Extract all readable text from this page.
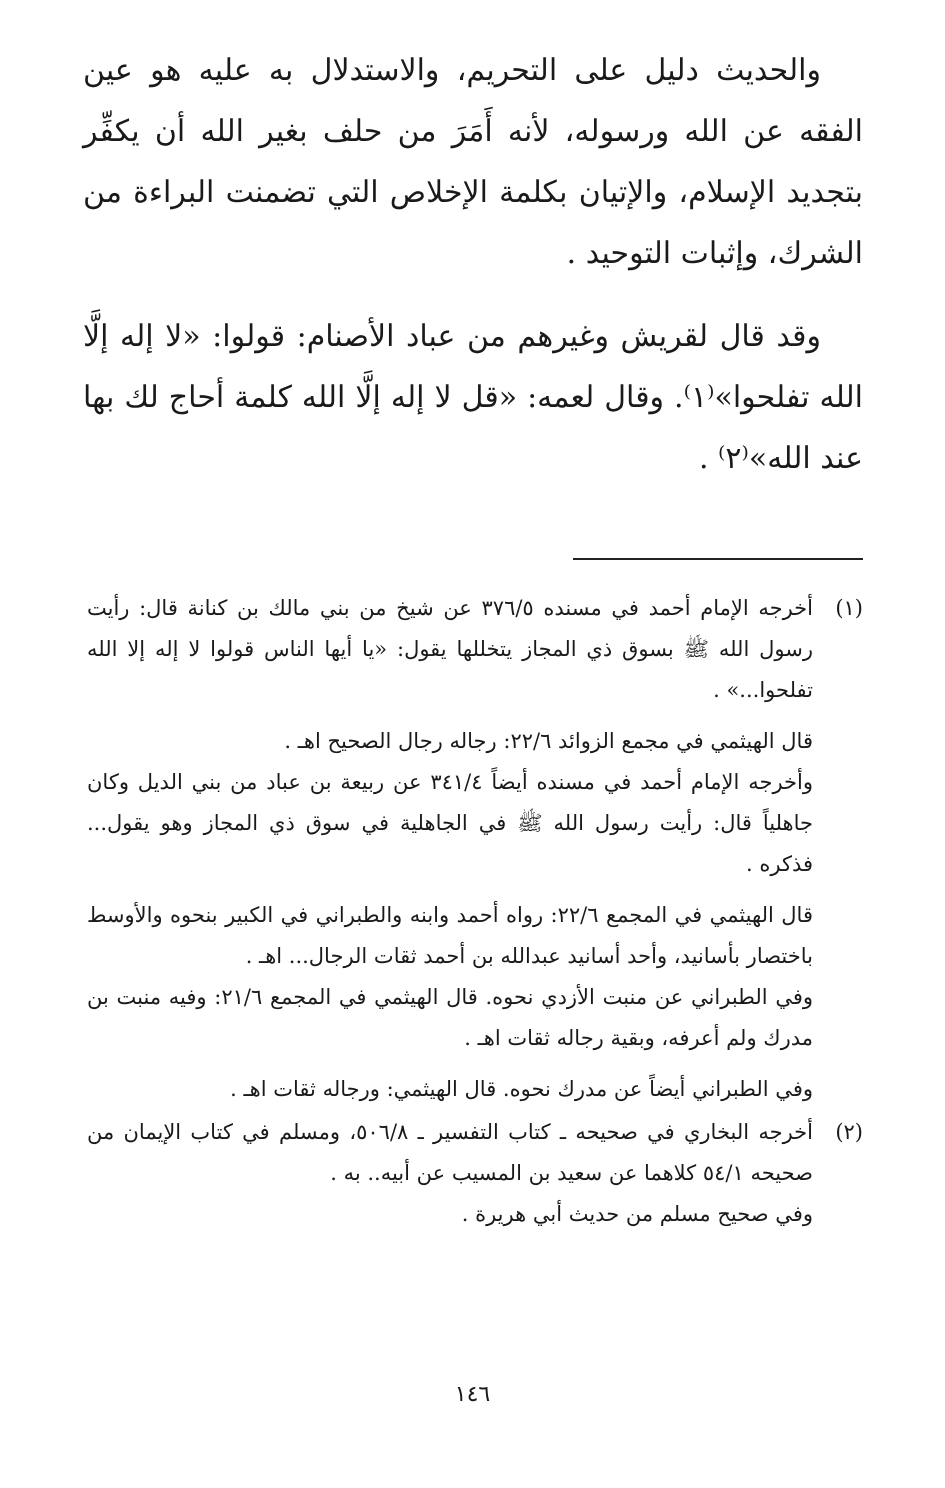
والحديث دليل على التحريم، والاستدلال به عليه هو عين الفقه عن الله ورسوله، لأنه أَمَرَ من حلف بغير الله أن يكفِّر بتجديد الإسلام، والإتيان بكلمة الإخلاص التي تضمنت البراءة من الشرك، وإثبات التوحيد .

وقد قال لقريش وغيرهم من عباد الأصنام: قولوا: «لا إله إلَّا الله تفلحوا»⁽١⁾. وقال لعمه: «قل لا إله إلَّا الله كلمة أحاج لك بها عند الله»⁽٢⁾ .

(١)

أخرجه الإمام أحمد في مسنده ٣٧٦/٥ عن شيخ من بني مالك بن كنانة قال: رأيت رسول الله ﷺ بسوق ذي المجاز يتخللها يقول: «يا أيها الناس قولوا لا إله إلا الله تفلحوا...» .

قال الهيثمي في مجمع الزوائد ٢٢/٦: رجاله رجال الصحيح اهـ .

وأخرجه الإمام أحمد في مسنده أيضاً ٣٤١/٤ عن ربيعة بن عباد من بني الديل وكان جاهلياً قال: رأيت رسول الله ﷺ في الجاهلية في سوق ذي المجاز وهو يقول... فذكره .

قال الهيثمي في المجمع ٢٢/٦: رواه أحمد وابنه والطبراني في الكبير بنحوه والأوسط باختصار بأسانيد، وأحد أسانيد عبدالله بن أحمد ثقات الرجال... اهـ .

وفي الطبراني عن منبت الأزدي نحوه. قال الهيثمي في المجمع ٢١/٦: وفيه منبت بن مدرك ولم أعرفه، وبقية رجاله ثقات اهـ .

وفي الطبراني أيضاً عن مدرك نحوه. قال الهيثمي: ورجاله ثقات اهـ .

(٢)

أخرجه البخاري في صحيحه ـ كتاب التفسير ـ ٥٠٦/٨، ومسلم في كتاب الإيمان من صحيحه ٥٤/١ كلاهما عن سعيد بن المسيب عن أبيه.. به .

وفي صحيح مسلم من حديث أبي هريرة .

١٤٦
